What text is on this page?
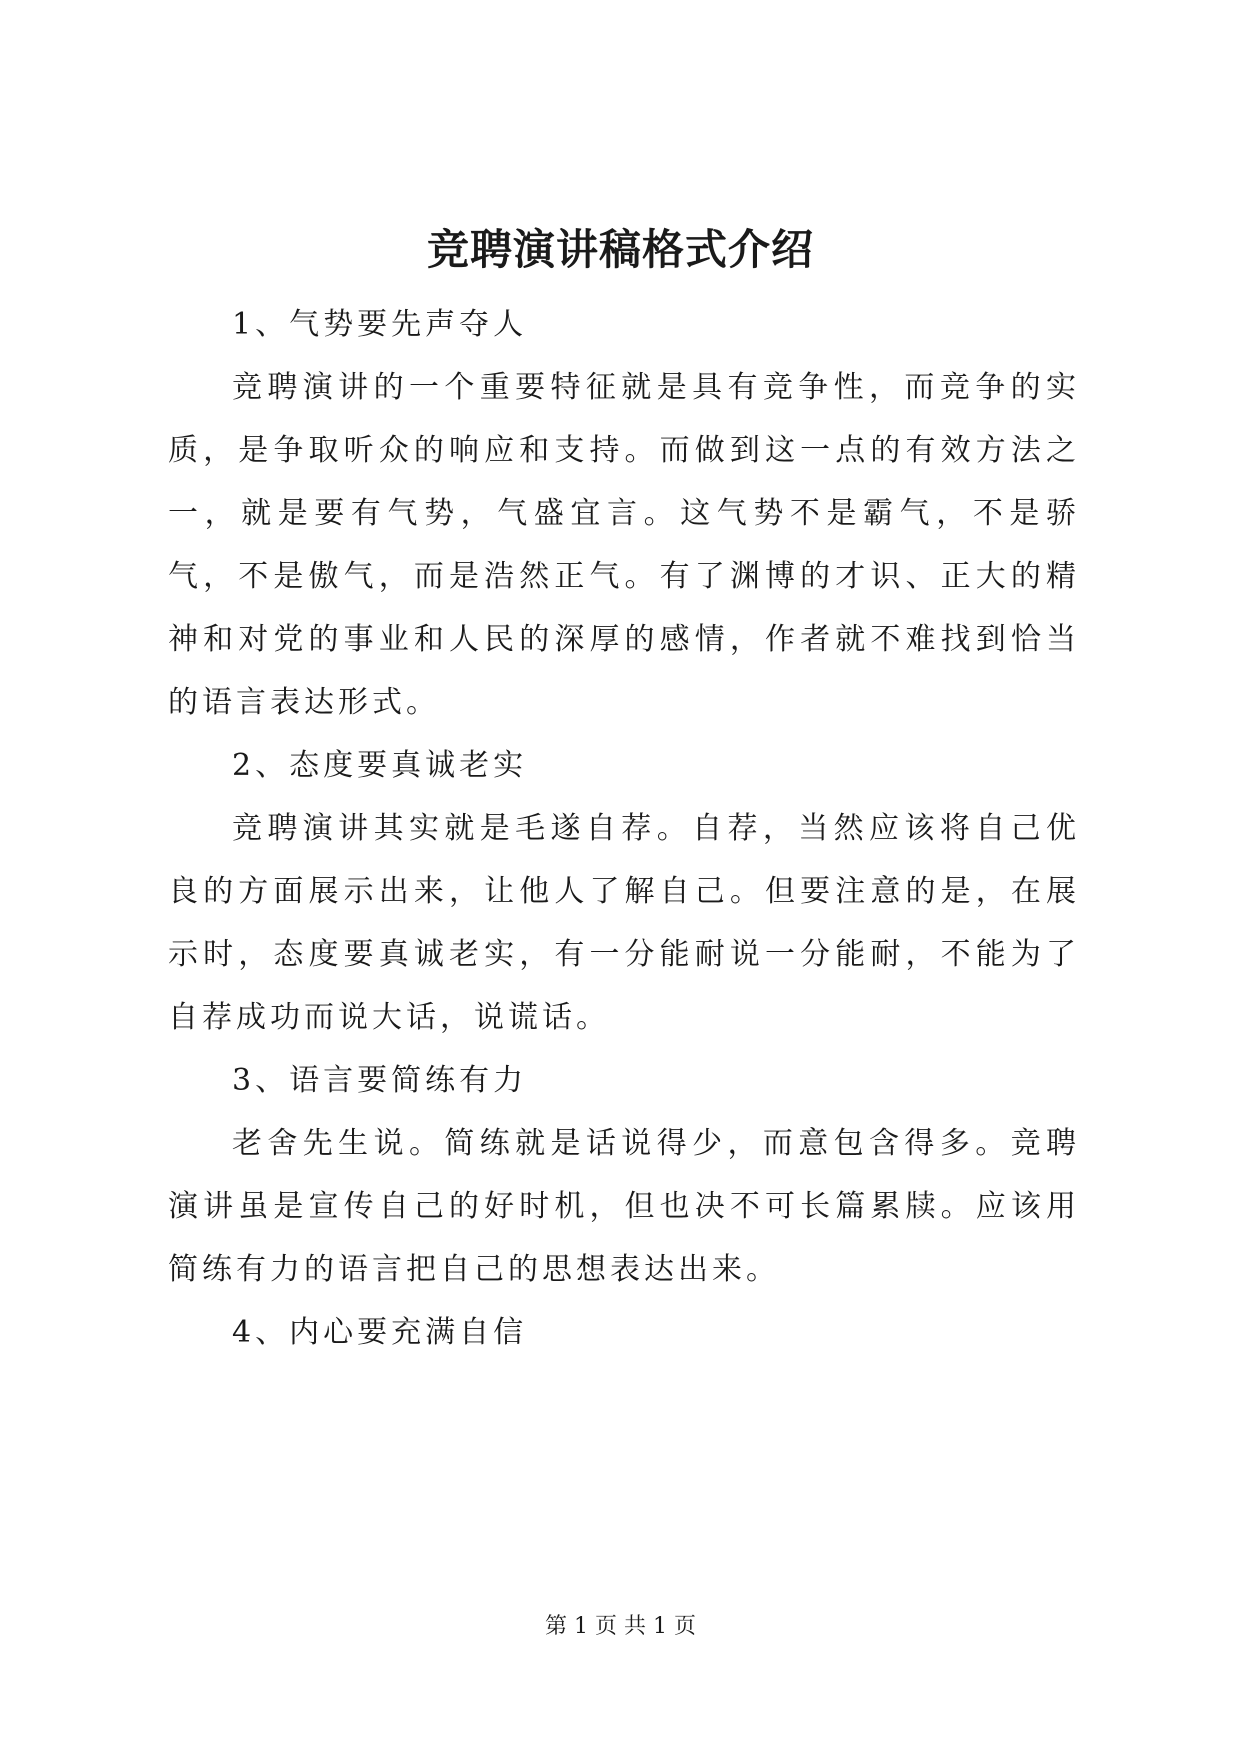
竞聘演讲稿格式介绍

1、气势要先声夺人

竞聘演讲的一个重要特征就是具有竞争性，而竞争的实质，是争取听众的响应和支持。而做到这一点的有效方法之一，就是要有气势，气盛宜言。这气势不是霸气，不是骄气，不是傲气，而是浩然正气。有了渊博的才识、正大的精神和对党的事业和人民的深厚的感情，作者就不难找到恰当的语言表达形式。

2、态度要真诚老实

竞聘演讲其实就是毛遂自荐。自荐，当然应该将自己优良的方面展示出来，让他人了解自己。但要注意的是，在展示时，态度要真诚老实，有一分能耐说一分能耐，不能为了自荐成功而说大话，说谎话。

3、语言要简练有力

老舍先生说。简练就是话说得少，而意包含得多。竞聘演讲虽是宣传自己的好时机，但也决不可长篇累牍。应该用简练有力的语言把自己的思想表达出来。

4、内心要充满自信

第 1 页 共 1 页
